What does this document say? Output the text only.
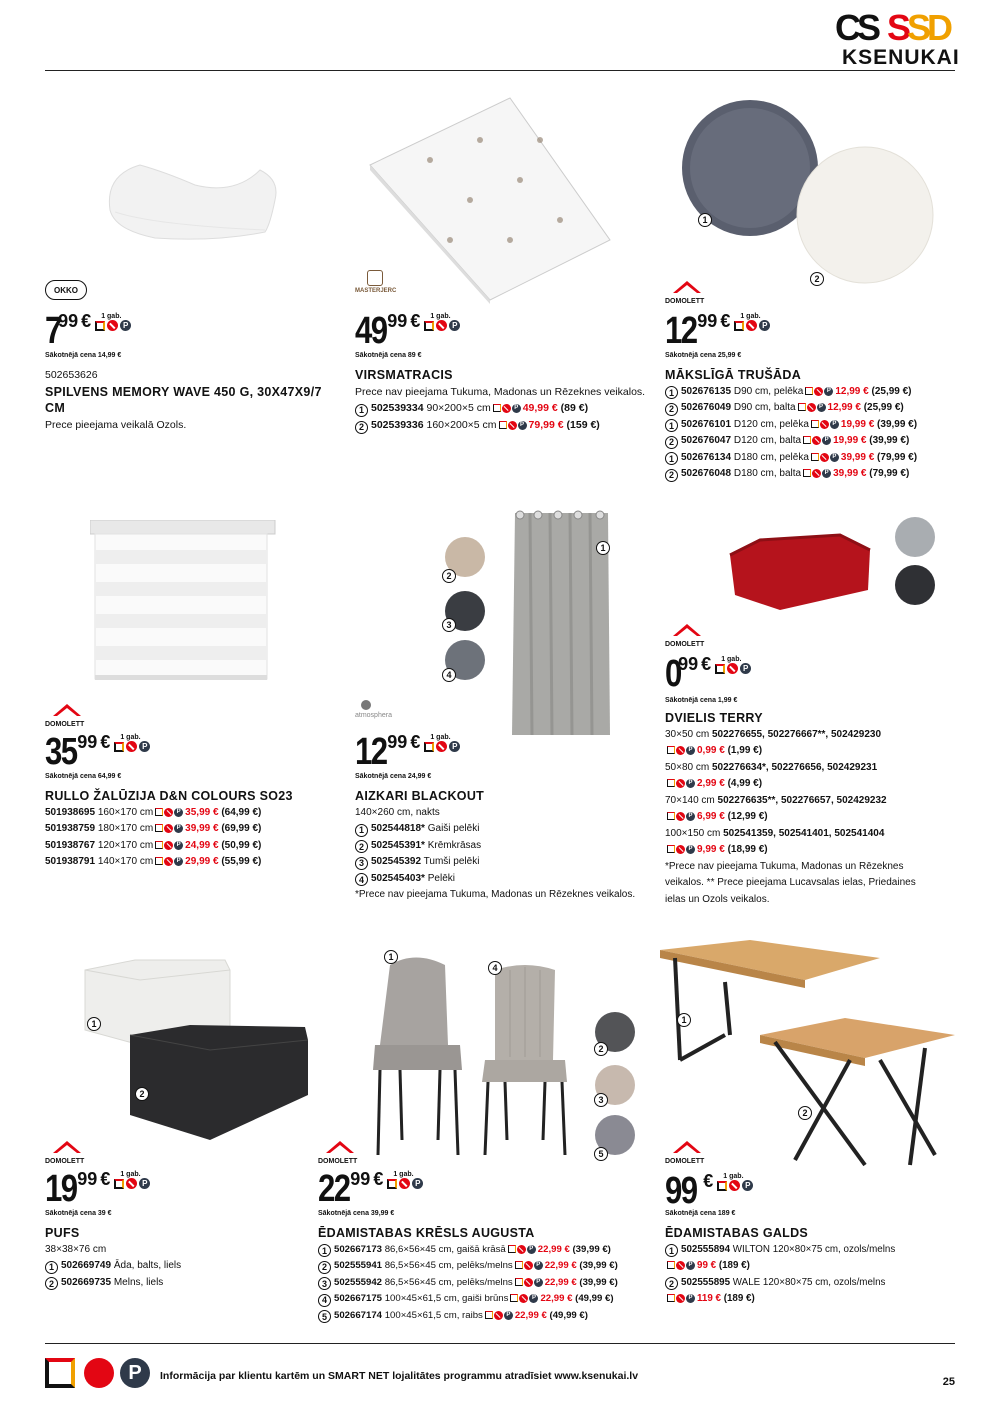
CS S SD
KSENUKAI
OKKO
7
99 € 1 gab.
P
Sākotnējā cena 14,99 €
502653626
SPILVENS MEMORY WAVE 450 G, 30X47X9/7 CM
Prece pieejama veikalā Ozols.
MASTERJERC
49 99 € 1 gab.
P
Sākotnējā cena 89 €
VIRSMATRACIS
Prece nav pieejama Tukuma, Madonas un Rēzeknes veikalos.
1 502539334 90×200×5 cm	P 49,99 € (89 €)
2 502539336 160×200×5 cm	P 79,99 € (159 €)
1
2
DOMOLETT
12 99 € 1 gab.
P
Sākotnējā cena 25,99 €
MĀKSLĪGĀ TRUŠĀDA
1 502676135 D90 cm, pelēka	P 12,99 € (25,99 €)
2 502676049 D90 cm, balta	P 12,99 € (25,99 €)
1 502676101 D120 cm, pelēka	P 19,99 € (39,99 €)
2 502676047 D120 cm, balta	P 19,99 € (39,99 €)
1 502676134 D180 cm, pelēka	P 39,99 € (79,99 €)
2 502676048 D180 cm, balta	P 39,99 € (79,99 €)
DOMOLETT
35 99 € 1 gab.
P
Sākotnējā cena 64,99 €
RULLO ŽALŪZIJA D&N COLOURS SO23
501938695 160×170 cm	P 35,99 € (64,99 €)
501938759 180×170 cm	P 39,99 € (69,99 €)
501938767 120×170 cm	P 24,99 € (50,99 €)
501938791 140×170 cm	P 29,99 € (55,99 €)
1
2
3
4
atmosphera
12 99 € 1 gab.
P
Sākotnējā cena 24,99 €
AIZKARI BLACKOUT
140×260 cm, nakts
1 502544818* Gaiši pelēki
2 502545391* Krēmkrāsas
3 502545392 Tumši pelēki
4 502545403* Pelēki
*Prece nav pieejama Tukuma, Madonas un Rēzeknes veikalos.
DOMOLETT
0
99 € 1 gab.
P
Sākotnējā cena 1,99 €
DVIELIS TERRY
30×50 cm 502276655, 502276667**, 502429230
P 0,99 € (1,99 €)
50×80 cm 502276634*, 502276656, 502429231
P 2,99 € (4,99 €)
70×140 cm 502276635**, 502276657, 502429232
P 6,99 € (12,99 €)
100×150 cm 502541359, 502541401, 502541404
P 9,99 € (18,99 €)
*Prece nav pieejama Tukuma, Madonas un Rēzeknes
veikalos. ** Prece pieejama Lucavsalas ielas, Priedaines
ielas un Ozols veikalos.
1
2
DOMOLETT
19 99 € 1 gab.
P
Sākotnējā cena 39 €
PUFS
38×38×76 cm
1 502669749 Āda, balts, liels
2 502669735 Melns, liels
1
4
2
3
5
DOMOLETT
22 99 € 1 gab.
P
Sākotnējā cena 39,99 €
ĒDAMISTABAS KRĒSLS AUGUSTA
1 502667173 86,6×56×45 cm, gaišā krāsā	P 22,99 € (39,99 €)
2 502555941 86,5×56×45 cm, pelēks/melns	P 22,99 € (39,99 €)
3 502555942 86,5×56×45 cm, pelēks/melns	P 22,99 € (39,99 €)
4 502667175 100×45×61,5 cm, gaiši brūns	P 22,99 € (49,99 €)
5 502667174 100×45×61,5 cm, raibs	P 22,99 € (49,99 €)
1
2
DOMOLETT
99 € 1 gab.
P
Sākotnējā cena 189 €
ĒDAMISTABAS GALDS
1 502555894 WILTON 120×80×75 cm, ozols/melns
P 99 € (189 €)
2 502555895 WALE 120×80×75 cm, ozols/melns
P 119 € (189 €)
P	Informācija par klientu kartēm un SMART NET lojalitātes programmu atradīsiet www.ksenukai.lv	25
